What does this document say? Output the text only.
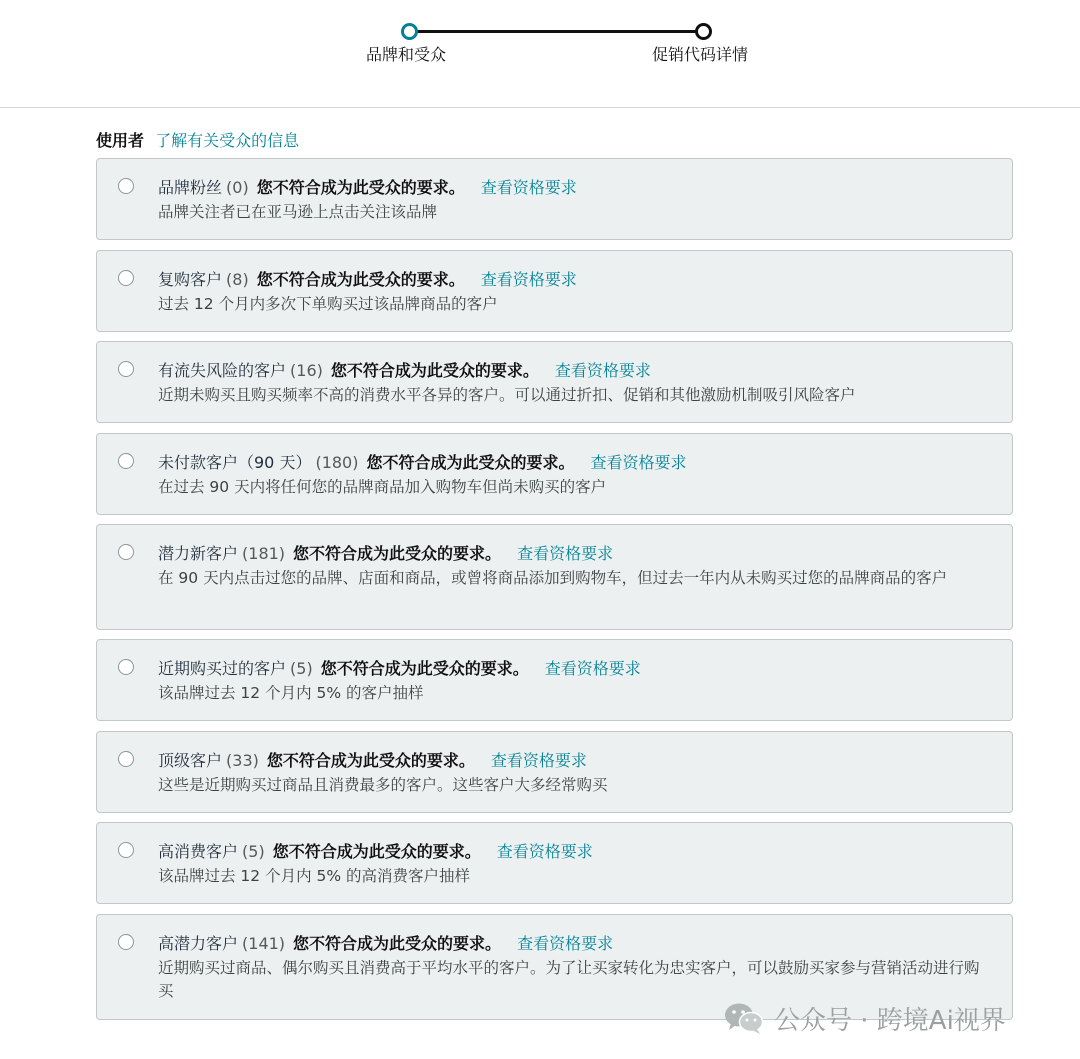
品牌和受众	促销代码详情
使用者 了解有关受众的信息
品牌粉丝 (0) 您不符合成为此受众的要求。 查看资格要求
品牌关注者已在亚马逊上点击关注该品牌
复购客户 (8) 您不符合成为此受众的要求。 查看资格要求
过去 12 个月内多次下单购买过该品牌商品的客户
有流失风险的客户 (16) 您不符合成为此受众的要求。 查看资格要求
近期未购买且购买频率不高的消费水平各异的客户。可以通过折扣、促销和其他激励机制吸引风险客户
未付款客户（90 天） (180) 您不符合成为此受众的要求。 查看资格要求
在过去 90 天内将任何您的品牌商品加入购物车但尚未购买的客户
潜力新客户 (181) 您不符合成为此受众的要求。 查看资格要求
在 90 天内点击过您的品牌、店面和商品，或曾将商品添加到购物车，但过去一年内从未购买过您的品牌商品的客户
近期购买过的客户 (5) 您不符合成为此受众的要求。 查看资格要求
该品牌过去 12 个月内 5% 的客户抽样
顶级客户 (33) 您不符合成为此受众的要求。 查看资格要求
这些是近期购买过商品且消费最多的客户。这些客户大多经常购买
高消费客户 (5) 您不符合成为此受众的要求。 查看资格要求
该品牌过去 12 个月内 5% 的高消费客户抽样
高潜力客户 (141) 您不符合成为此受众的要求。 查看资格要求
近期购买过商品、偶尔购买且消费高于平均水平的客户。为了让买家转化为忠实客户，可以鼓励买家参与营销活动进行购买
公众号 · 跨境Ai视界
